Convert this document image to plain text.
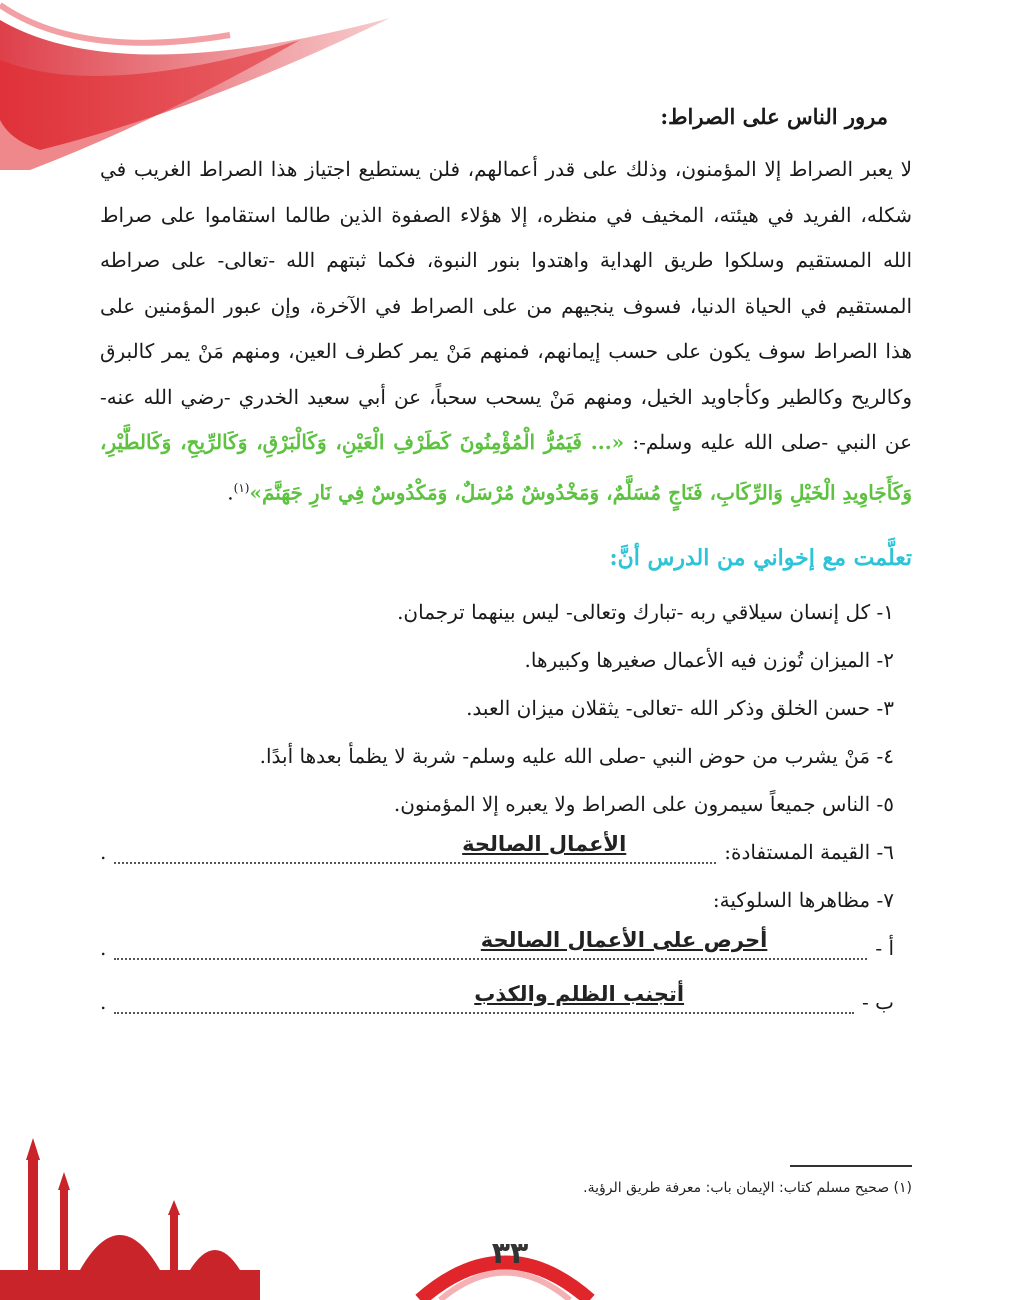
مرور الناس على الصراط:

لا يعبر الصراط إلا المؤمنون، وذلك على قدر أعمالهم، فلن يستطيع اجتياز هذا الصراط الغريب في شكله، الفريد في هيئته، المخيف في منظره، إلا هؤلاء الصفوة الذين طالما استقاموا على صراط الله المستقيم وسلكوا طريق الهداية واهتدوا بنور النبوة، فكما ثبتهم الله -تعالى- على صراطه المستقيم في الحياة الدنيا، فسوف ينجيهم من على الصراط في الآخرة، وإن عبور المؤمنين على هذا الصراط سوف يكون على حسب إيمانهم، فمنهم مَنْ يمر كطرف العين، ومنهم مَنْ يمر كالبرق وكالريح وكالطير وكأجاويد الخيل، ومنهم مَنْ يسحب سحباً، عن أبي سعيد الخدري -رضي الله عنه- عن النبي -صلى الله عليه وسلم-: «... فَيَمُرُّ الْمُؤْمِنُونَ كَطَرْفِ الْعَيْنِ، وَكَالْبَرْقِ، وَكَالرِّيحِ، وَكَالطَّيْرِ، وَكَأَجَاوِيدِ الْخَيْلِ وَالرِّكَابِ، فَنَاجٍ مُسَلَّمٌ، وَمَخْدُوشٌ مُرْسَلٌ، وَمَكْدُوسٌ فِي نَارِ جَهَنَّمَ»$^{(١)}$.

تعلَّمت مع إخواني من الدرس أنَّ:
١- كل إنسان سيلاقي ربه -تبارك وتعالى- ليس بينهما ترجمان.
٢- الميزان تُوزن فيه الأعمال صغيرها وكبيرها.
٣- حسن الخلق وذكر الله -تعالى- يثقلان ميزان العبد.
٤- مَنْ يشرب من حوض النبي -صلى الله عليه وسلم- شربة لا يظمأ بعدها أبدًا.
٥- الناس جميعاً سيمرون على الصراط ولا يعبره إلا المؤمنون.
٦- القيمة المستفادة:
الأعمال الصالحة
.
٧- مظاهرها السلوكية:
أ -
أحرص على الأعمال الصالحة
.
ب -
أتجنب الظلم والكذب
.
(١) صحيح مسلم كتاب: الإيمان باب: معرفة طريق الرؤية.
٣٣
